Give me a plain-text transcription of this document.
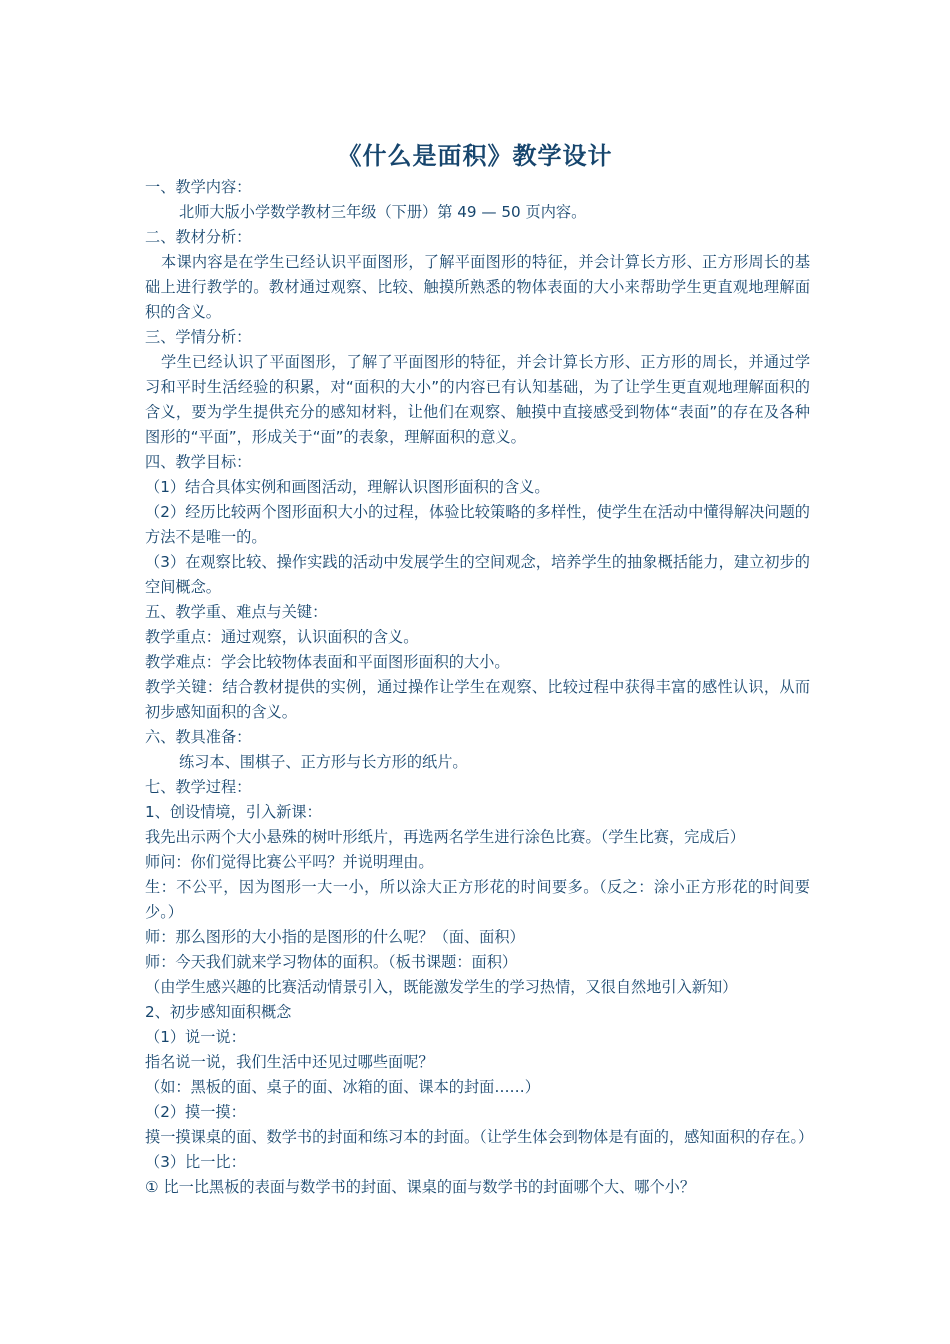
《什么是面积》教学设计

一、教学内容：

北师大版小学数学教材三年级（下册）第 49 — 50 页内容。

二、教材分析：

本课内容是在学生已经认识平面图形，了解平面图形的特征，并会计算长方形、正方形周长的基础上进行教学的。教材通过观察、比较、触摸所熟悉的物体表面的大小来帮助学生更直观地理解面积的含义。

三、学情分析：

学生已经认识了平面图形，了解了平面图形的特征，并会计算长方形、正方形的周长，并通过学习和平时生活经验的积累，对“面积的大小”的内容已有认知基础，为了让学生更直观地理解面积的含义，要为学生提供充分的感知材料，让他们在观察、触摸中直接感受到物体“表面”的存在及各种图形的“平面”，形成关于“面”的表象，理解面积的意义。

四、教学目标：

（1）结合具体实例和画图活动，理解认识图形面积的含义。

（2）经历比较两个图形面积大小的过程，体验比较策略的多样性，使学生在活动中懂得解决问题的方法不是唯一的。

（3）在观察比较、操作实践的活动中发展学生的空间观念，培养学生的抽象概括能力，建立初步的空间概念。

五、教学重、难点与关键：

教学重点：通过观察，认识面积的含义。

教学难点：学会比较物体表面和平面图形面积的大小。

教学关键：结合教材提供的实例，通过操作让学生在观察、比较过程中获得丰富的感性认识，从而初步感知面积的含义。

六、教具准备：

练习本、围棋子、正方形与长方形的纸片。

七、教学过程：

1、创设情境，引入新课：

我先出示两个大小悬殊的树叶形纸片，再选两名学生进行涂色比赛。（学生比赛，完成后）

师问：你们觉得比赛公平吗？并说明理由。

生：不公平，因为图形一大一小，所以涂大正方形花的时间要多。（反之：涂小正方形花的时间要少。）

师：那么图形的大小指的是图形的什么呢？（面、面积）

师：今天我们就来学习物体的面积。（板书课题：面积）

（由学生感兴趣的比赛活动情景引入，既能激发学生的学习热情，又很自然地引入新知）

2、初步感知面积概念

（1）说一说：

指名说一说，我们生活中还见过哪些面呢？

（如：黑板的面、桌子的面、冰箱的面、课本的封面……）

（2）摸一摸：

摸一摸课桌的面、数学书的封面和练习本的封面。（让学生体会到物体是有面的，感知面积的存在。）

（3）比一比：

① 比一比黑板的表面与数学书的封面、课桌的面与数学书的封面哪个大、哪个小？
